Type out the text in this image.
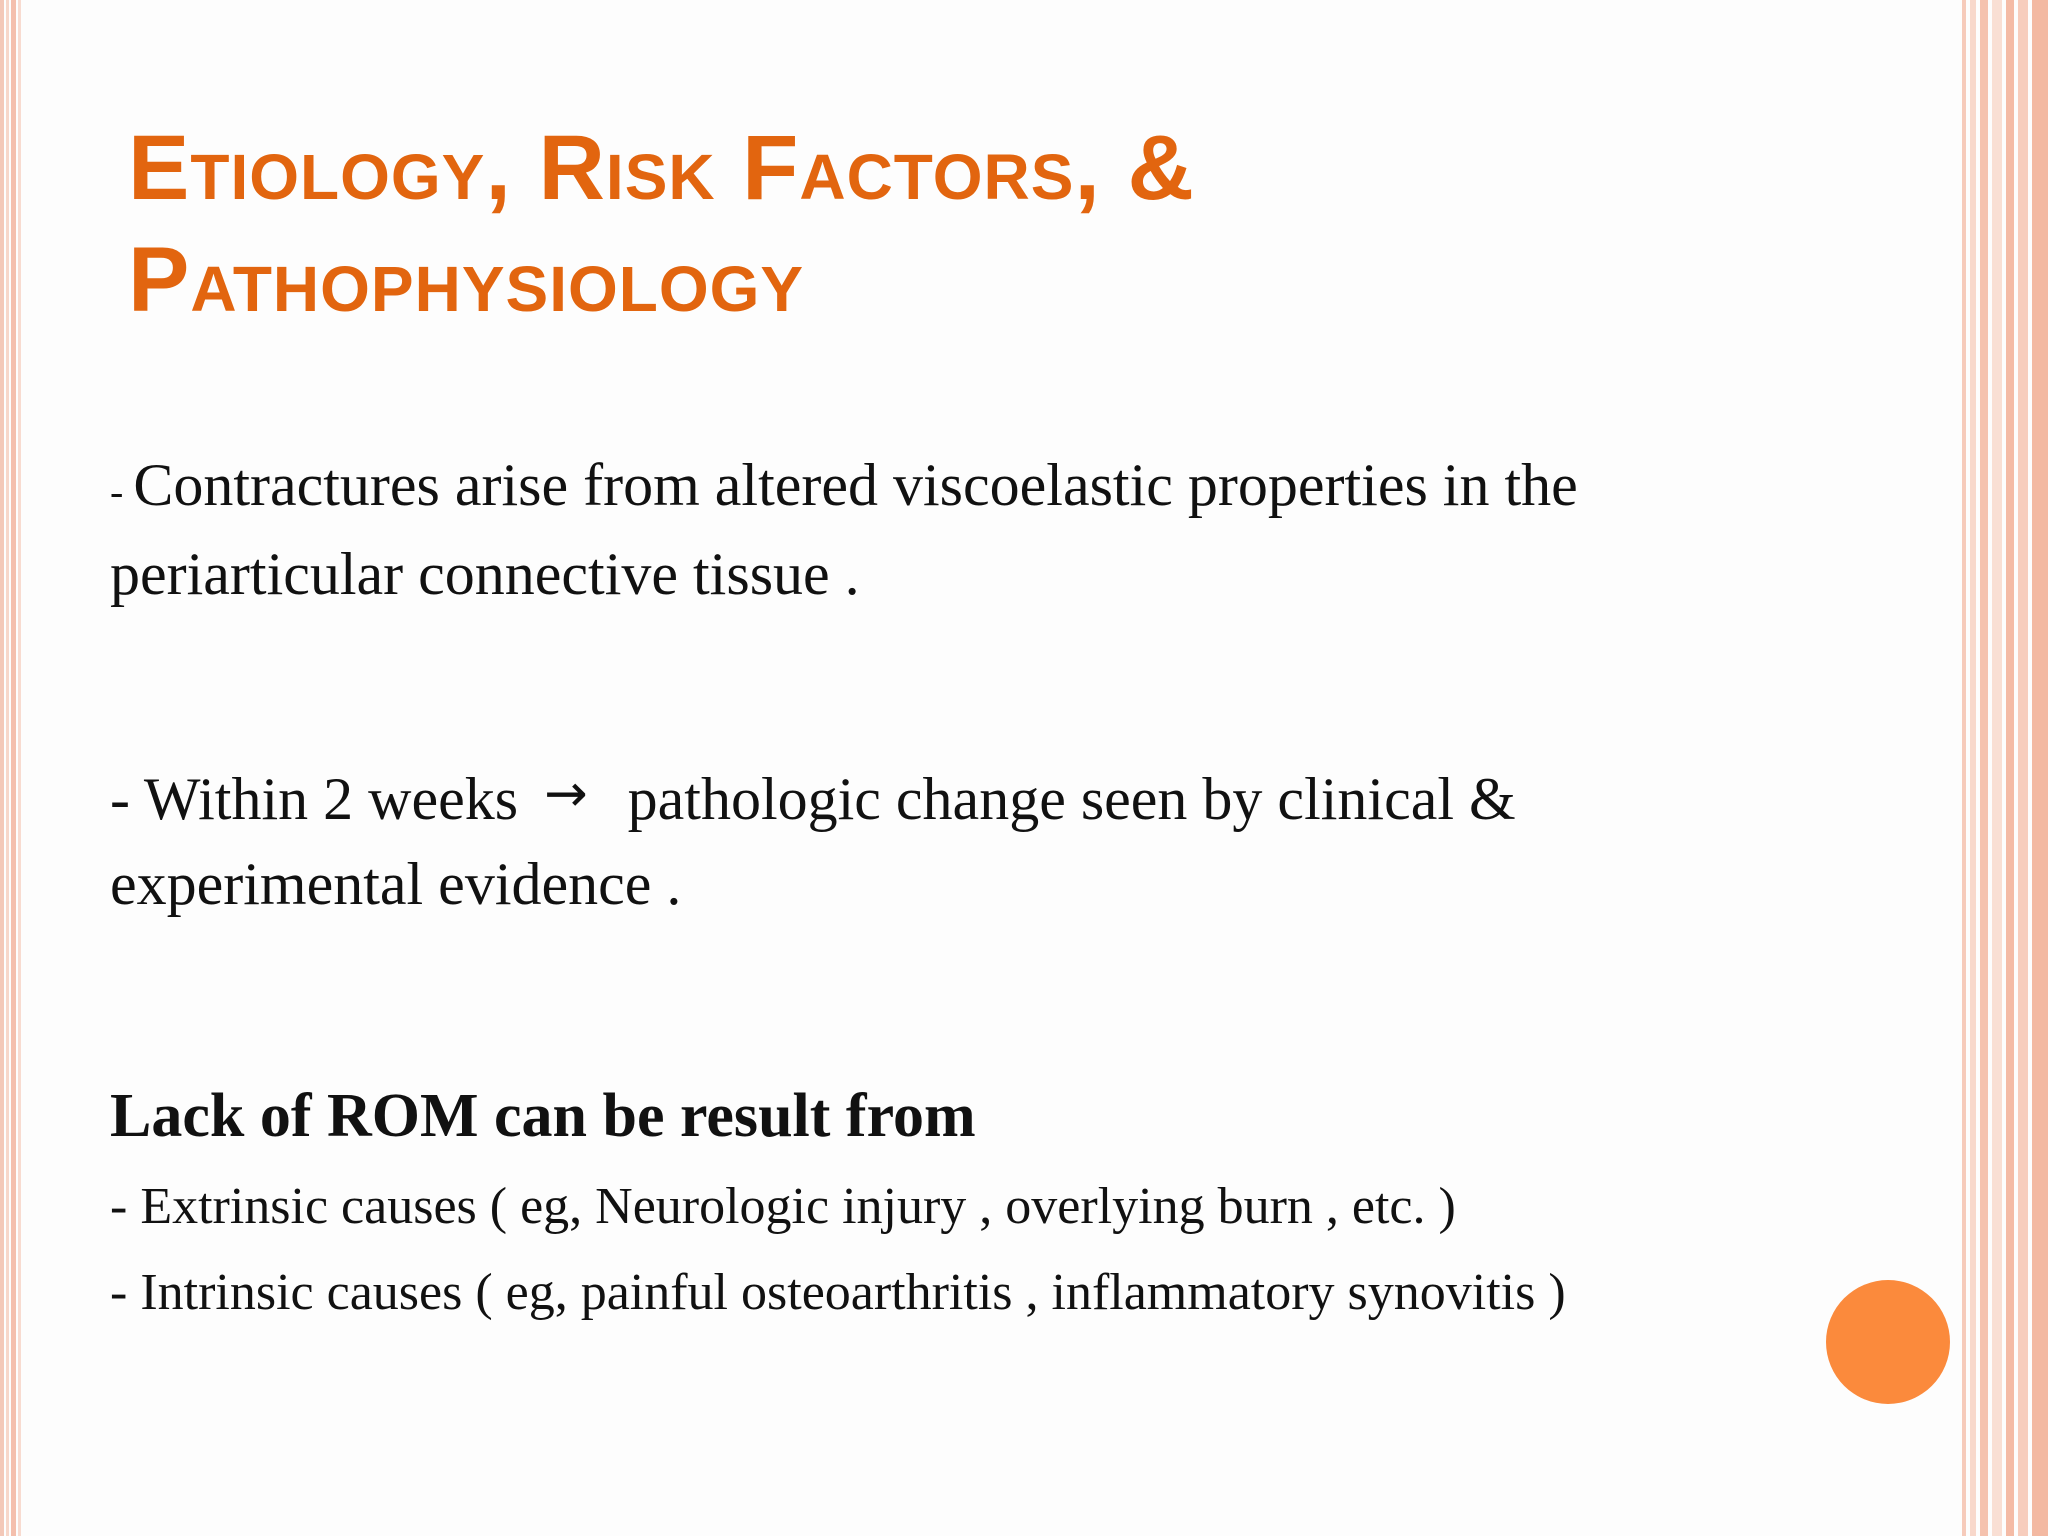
Etiology, Risk Factors, &
Pathophysiology

- Contractures arise from altered viscoelastic properties in the periarticular connective tissue .

- Within 2 weeks → pathologic change seen by clinical & experimental evidence .

Lack of ROM can be result from

- Extrinsic causes ( eg, Neurologic injury , overlying burn , etc. )

- Intrinsic causes ( eg, painful osteoarthritis , inflammatory synovitis )
